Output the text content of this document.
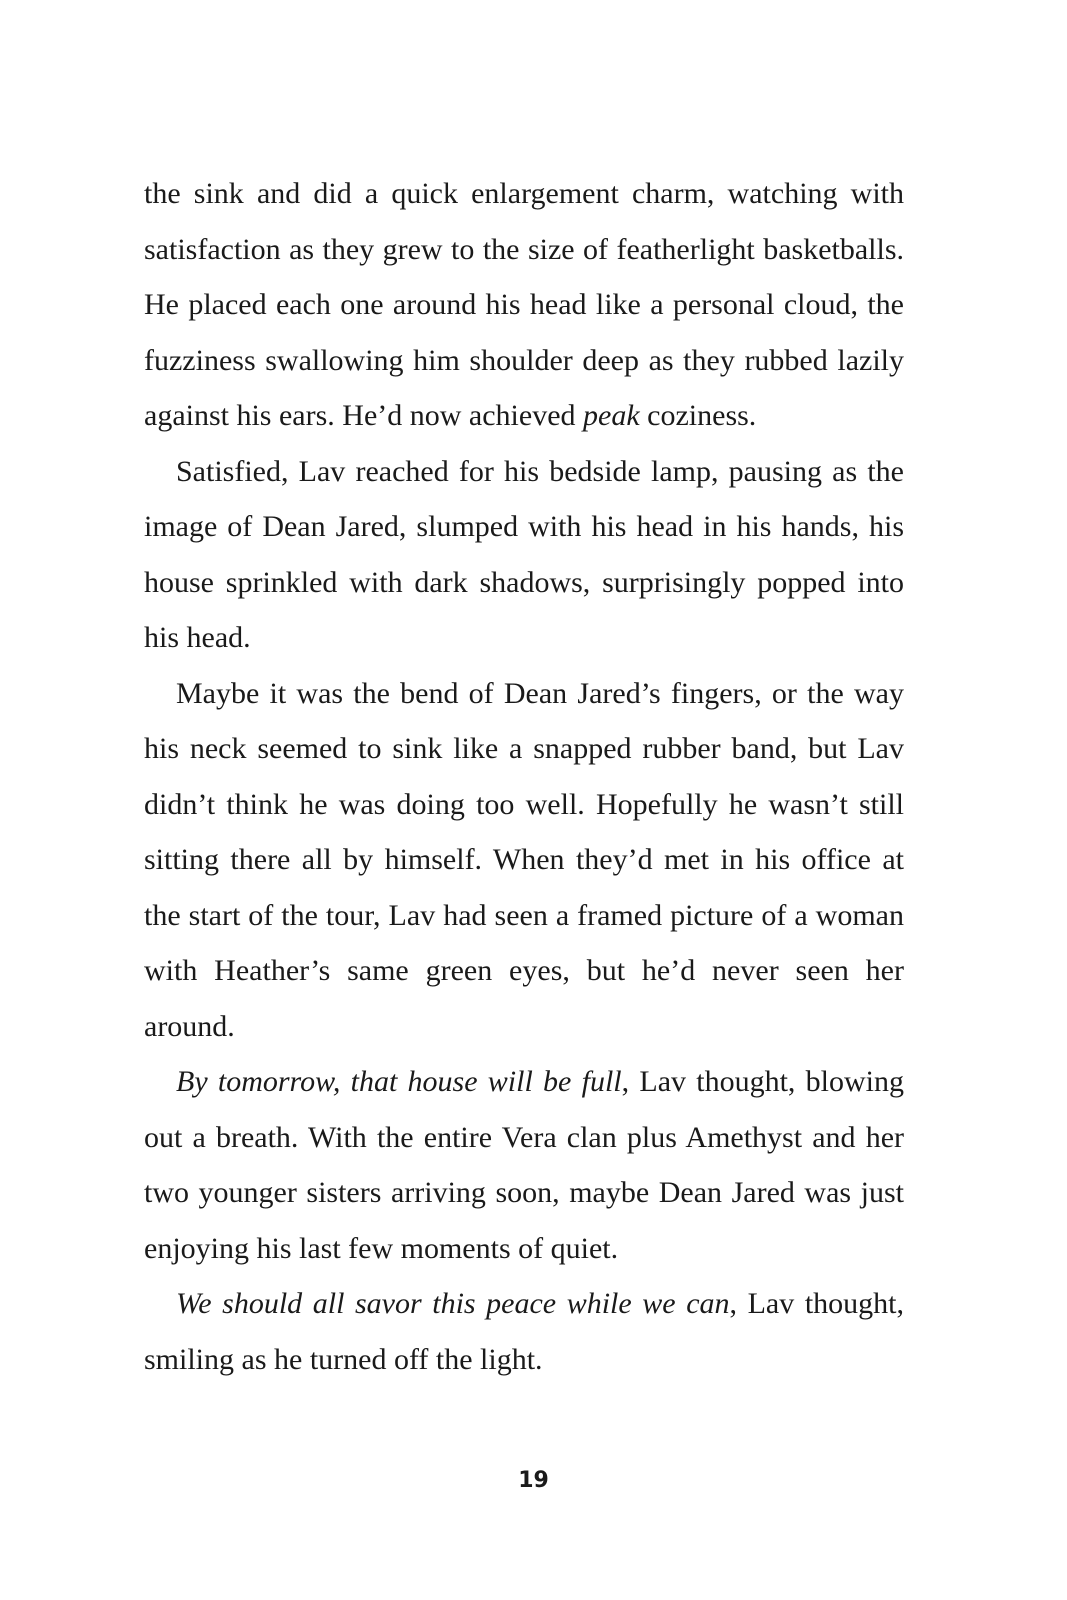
the sink and did a quick enlargement charm, watching with satisfaction as they grew to the size of featherlight basketballs. He placed each one around his head like a personal cloud, the fuzziness swallowing him shoulder deep as they rubbed lazily against his ears. He’d now achieved peak coziness.

Satisfied, Lav reached for his bedside lamp, pausing as the image of Dean Jared, slumped with his head in his hands, his house sprinkled with dark shadows, surprisingly popped into his head.

Maybe it was the bend of Dean Jared’s fingers, or the way his neck seemed to sink like a snapped rubber band, but Lav didn’t think he was doing too well. Hopefully he wasn’t still sitting there all by himself. When they’d met in his office at the start of the tour, Lav had seen a framed picture of a woman with Heather’s same green eyes, but he’d never seen her around.

By tomorrow, that house will be full, Lav thought, blowing out a breath. With the entire Vera clan plus Amethyst and her two younger sisters arriving soon, maybe Dean Jared was just enjoying his last few moments of quiet.

We should all savor this peace while we can, Lav thought, smiling as he turned off the light.

19
